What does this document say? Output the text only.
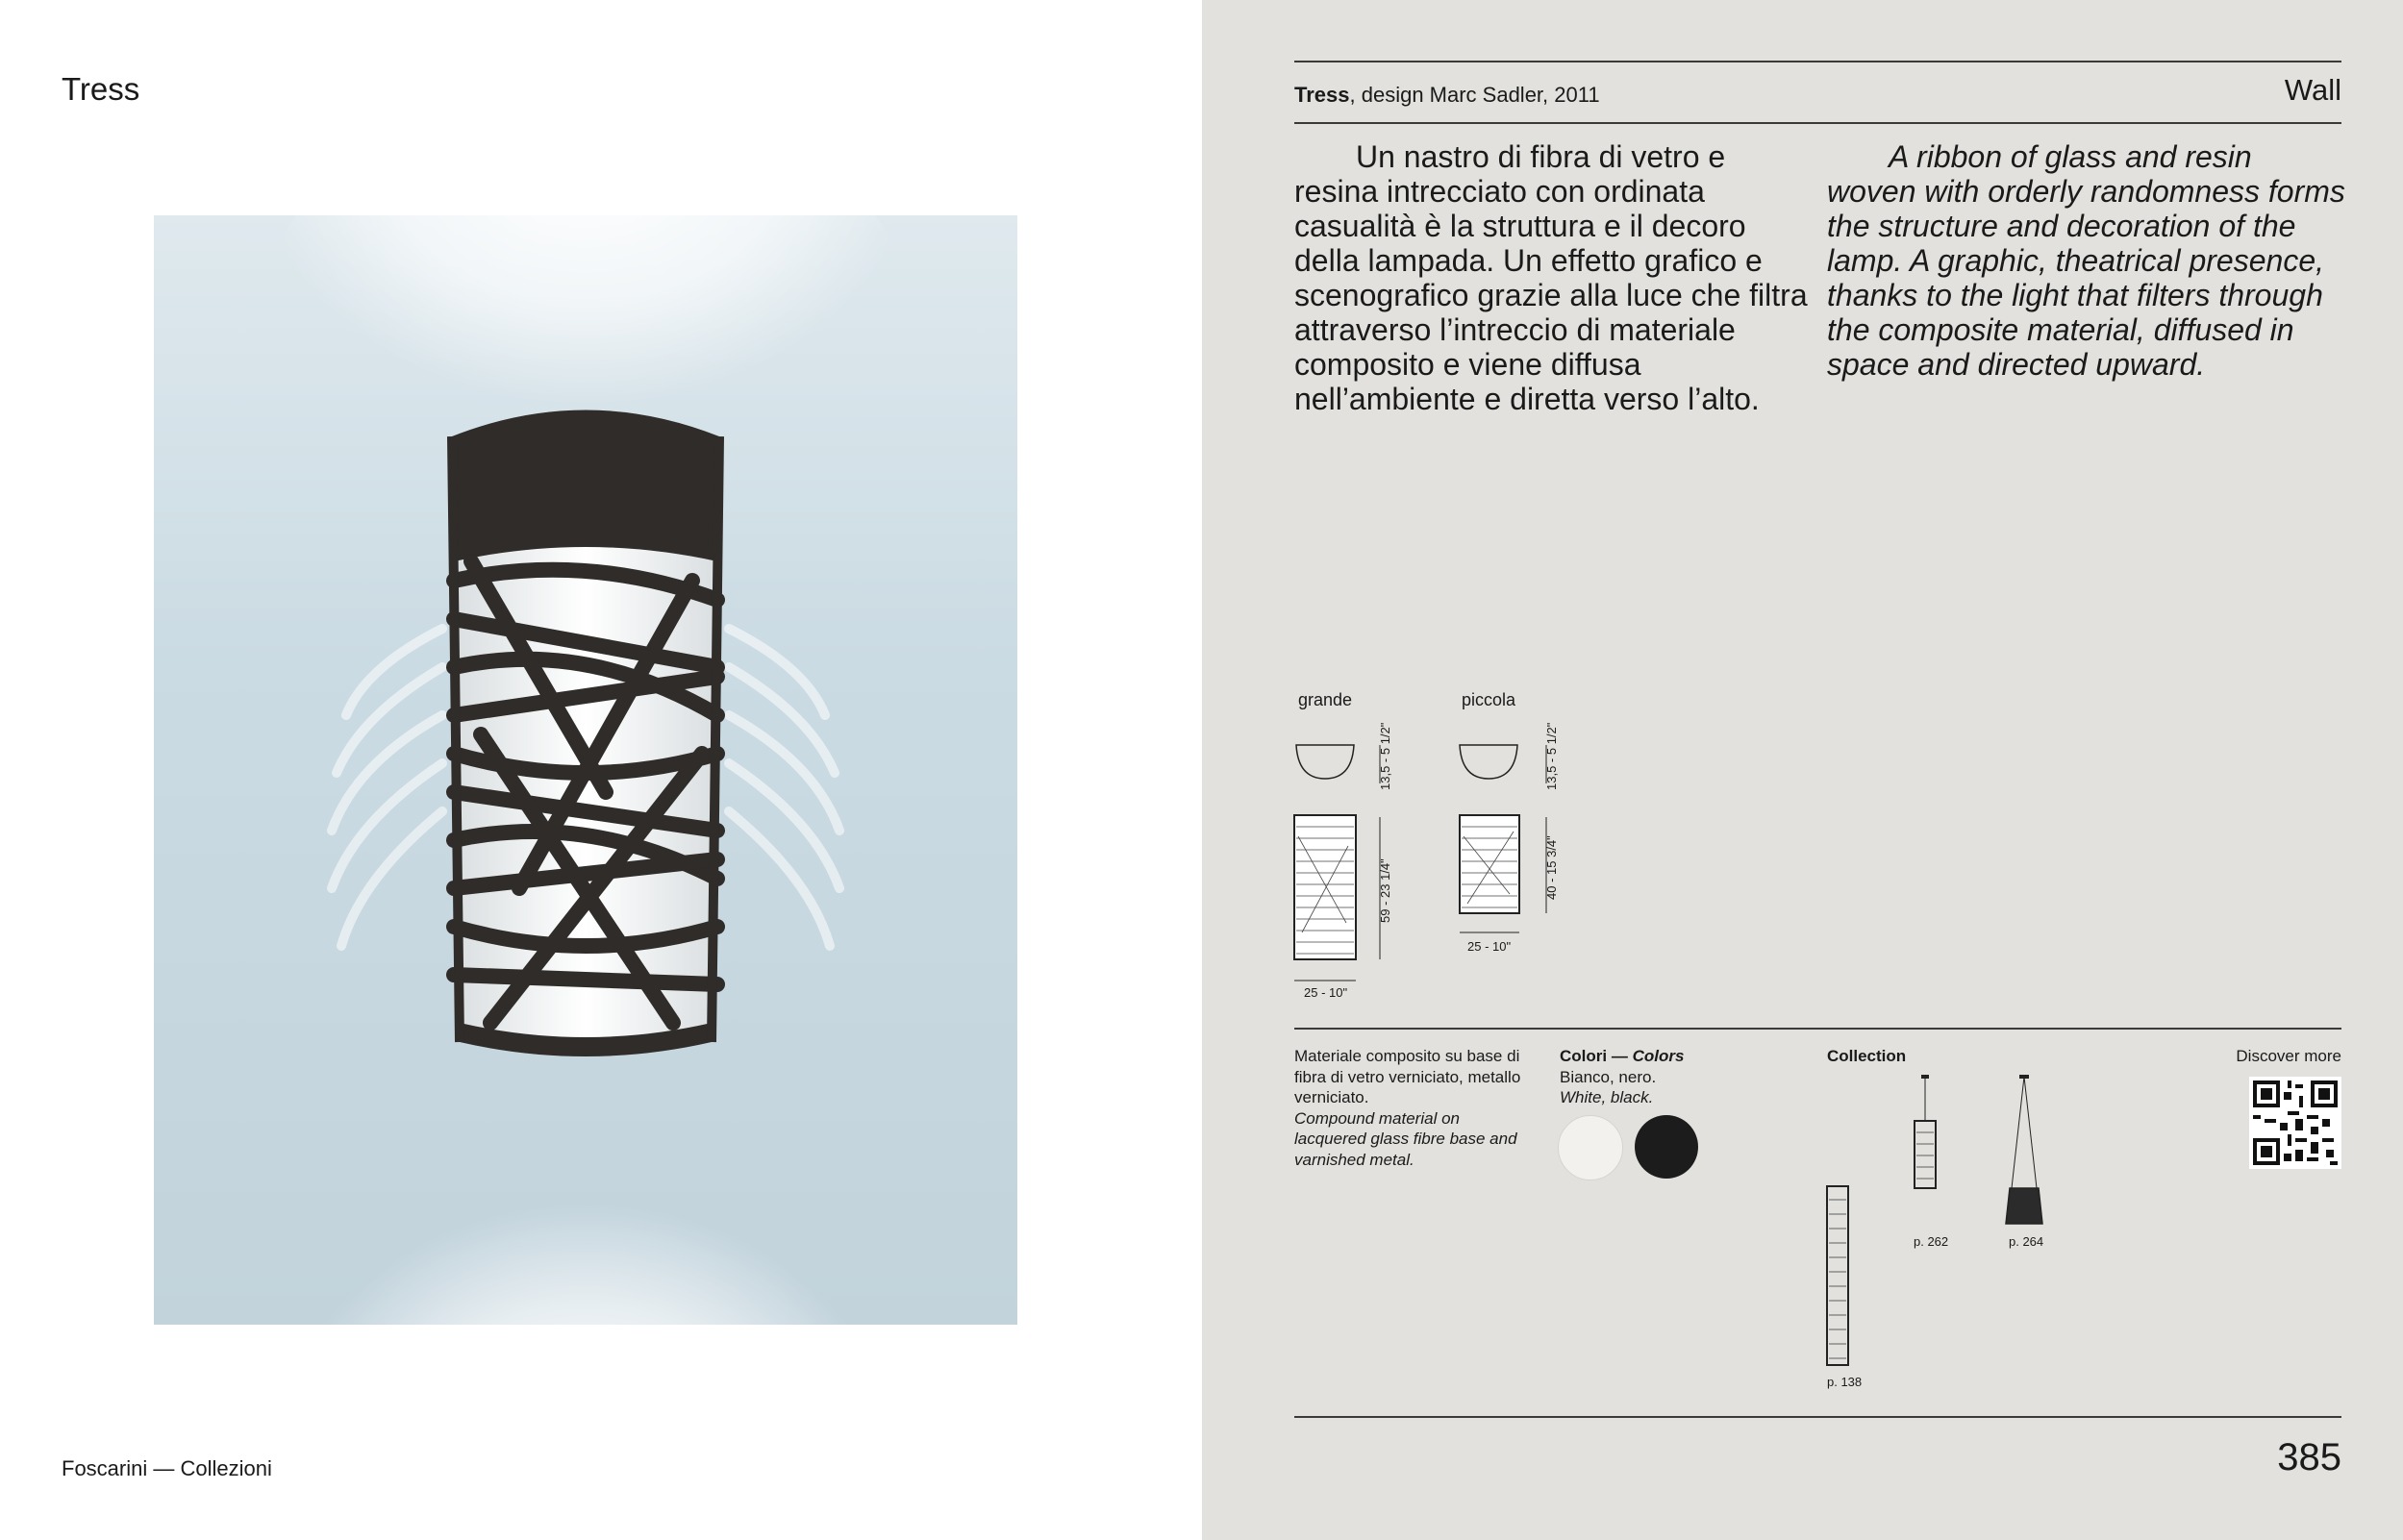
Tress
Foscarini — Collezioni
Tress, design Marc Sadler, 2011	Wall
Un nastro di fibra di vetro e resina intrecciato con ordinata casualità è la struttura e il decoro della lampada. Un effetto grafico e scenografico grazie alla luce che filtra attraverso l’intreccio di materiale composito e viene diffusa nell’ambiente e diretta verso l’alto.
A ribbon of glass and resin woven with orderly randomness forms the structure and decoration of the lamp. A graphic, theatrical presence, thanks to the light that filters through the composite material, diffused in space and directed upward.
grande	piccola
13,5 - 5 1/2"
59 - 23 1/4"
25 - 10"
13,5 - 5 1/2"
40 - 15 3/4"
25 - 10"
Materiale composito su base di fibra di vetro verniciato, metallo verniciato.
Compound material on lacquered glass fibre base and varnished metal.
Colori — Colors
Bianco, nero.
White, black.
Collection
p. 138
p. 262	p. 264
Discover more
385
